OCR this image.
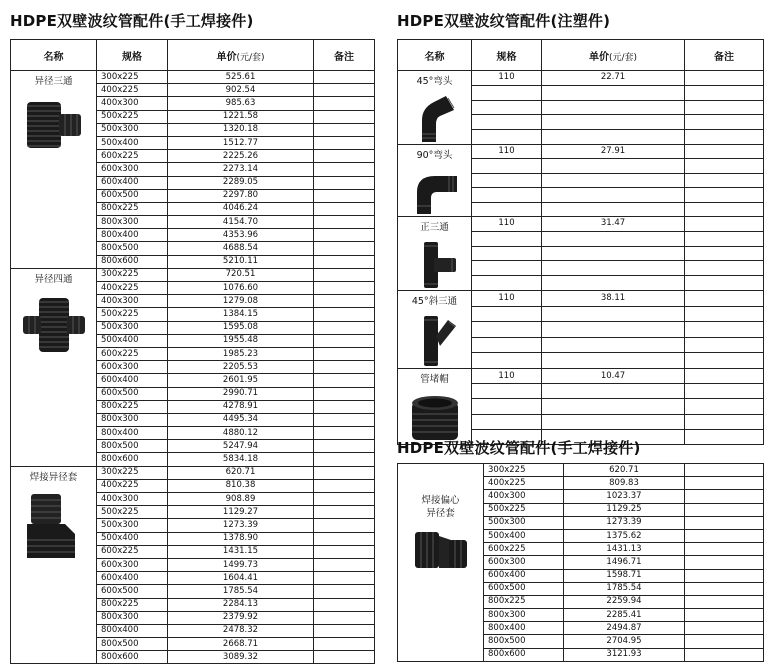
HDPE双壁波纹管配件(手工焊接件)
名称	规格	单价(元/套)	备注

异径三通	300x225	525.61	
	400x225	902.54	
	400x300	985.63	
	500x225	1221.58	
	500x300	1320.18	
	500x400	1512.77	
	600x225	2225.26	
	600x300	2273.14	
	600x400	2289.05	
	600x500	2297.80	
	800x225	4046.24	
	800x300	4154.70	
	800x400	4353.96	
	800x500	4688.54	
	800x600	5210.11	

异径四通	300x225	720.51	
	400x225	1076.60	
	400x300	1279.08	
	500x225	1384.15	
	500x300	1595.08	
	500x400	1955.48	
	600x225	1985.23	
	600x300	2205.53	
	600x400	2601.95	
	600x500	2990.71	
	800x225	4278.91	
	800x300	4495.34	
	800x400	4880.12	
	800x500	5247.94	
	800x600	5834.18	

焊接异径套	300x225	620.71	
	400x225	810.38	
	400x300	908.89	
	500x225	1129.27	
	500x300	1273.39	
	500x400	1378.90	
	600x225	1431.15	
	600x300	1499.73	
	600x400	1604.41	
	600x500	1785.54	
	800x225	2284.13	
	800x300	2379.92	
	800x400	2478.32	
	800x500	2668.71	
	800x600	3089.32	
HDPE双壁波纹管配件(注塑件)
名称	规格	单价(元/套)	备注

45°弯头	110	22.71	

90°弯头	110	27.91	

正三通	110	31.47	

45°斜三通	110	38.11	

管堵帽	110	10.47	

HDPE双壁波纹管配件(手工焊接件)
焊接偏心
异径套	300x225	620.71	
	400x225	809.83	
	400x300	1023.37	
	500x225	1129.25	
	500x300	1273.39	
	500x400	1375.62	
	600x225	1431.13	
	600x300	1496.71	
	600x400	1598.71	
	600x500	1785.54	
	800x225	2259.94	
	800x300	2285.41	
	800x400	2494.87	
	800x500	2704.95	
	800x600	3121.93	
